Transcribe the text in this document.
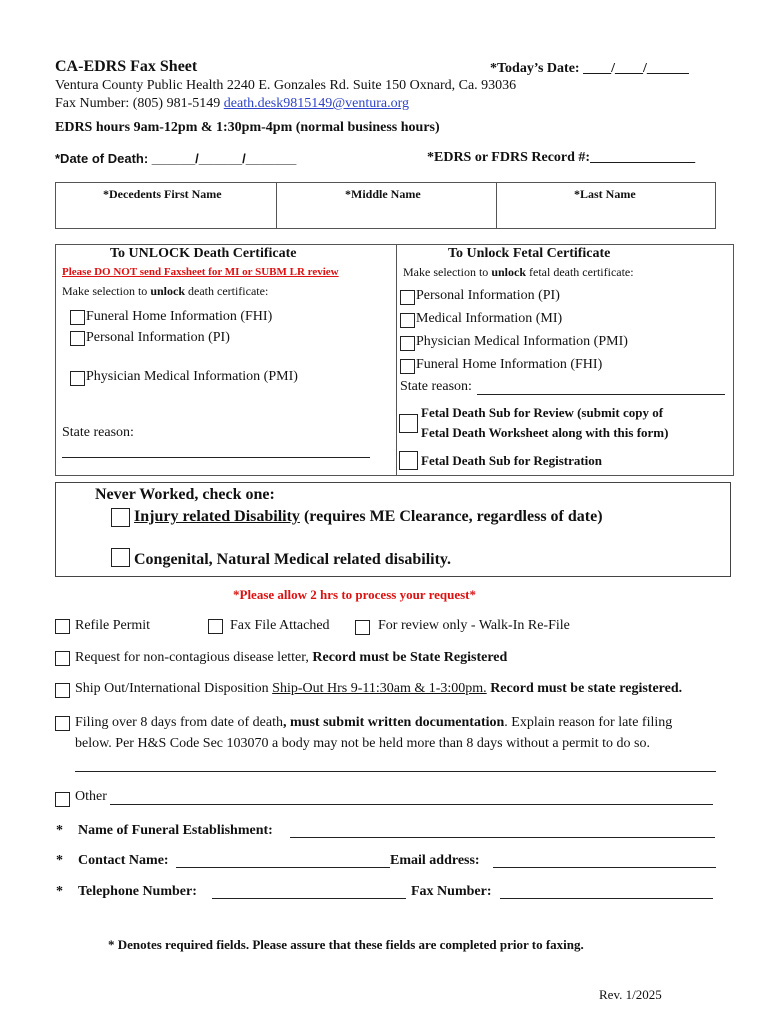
CA-EDRS Fax Sheet	*Today’s Date: ____/____/______
Ventura County Public Health 2240 E. Gonzales Rd. Suite 150 Oxnard, Ca. 93036
Fax Number: (805) 981-5149 death.desk9815149@ventura.org
EDRS hours 9am-12pm & 1:30pm-4pm (normal business hours)
*Date of Death: ______/______/_______	*EDRS or FDRS Record #:_______________
*Decedents First Name	*Middle Name	*Last Name
To UNLOCK Death Certificate
Please DO NOT send Faxsheet for MI or SUBM LR review
Make selection to unlock death certificate:
Funeral Home Information (FHI)
Personal Information (PI)
Physician Medical Information (PMI)
State reason:
To Unlock Fetal Certificate
Make selection to unlock fetal death certificate:
Personal Information (PI)
Medical Information (MI)
Physician Medical Information (PMI)
Funeral Home Information (FHI)
State reason:
Fetal Death Sub for Review (submit copy of
Fetal Death Worksheet along with this form)
Fetal Death Sub for Registration
Never Worked, check one:
Injury related Disability (requires ME Clearance, regardless of date)
Congenital, Natural Medical related disability.
*Please allow 2 hrs to process your request*
Refile Permit	Fax File Attached	For review only - Walk-In Re-File
Request for non-contagious disease letter, Record must be State Registered
Ship Out/International Disposition Ship-Out Hrs 9-11:30am & 1-3:00pm. Record must be state registered.
Filing over 8 days from date of death, must submit written documentation. Explain reason for late filing
below. Per H&S Code Sec 103070 a body may not be held more than 8 days without a permit to do so.
Other
* Name of Funeral Establishment:
* Contact Name:	Email address:
* Telephone Number:	Fax Number:
* Denotes required fields. Please assure that these fields are completed prior to faxing.
Rev. 1/2025
